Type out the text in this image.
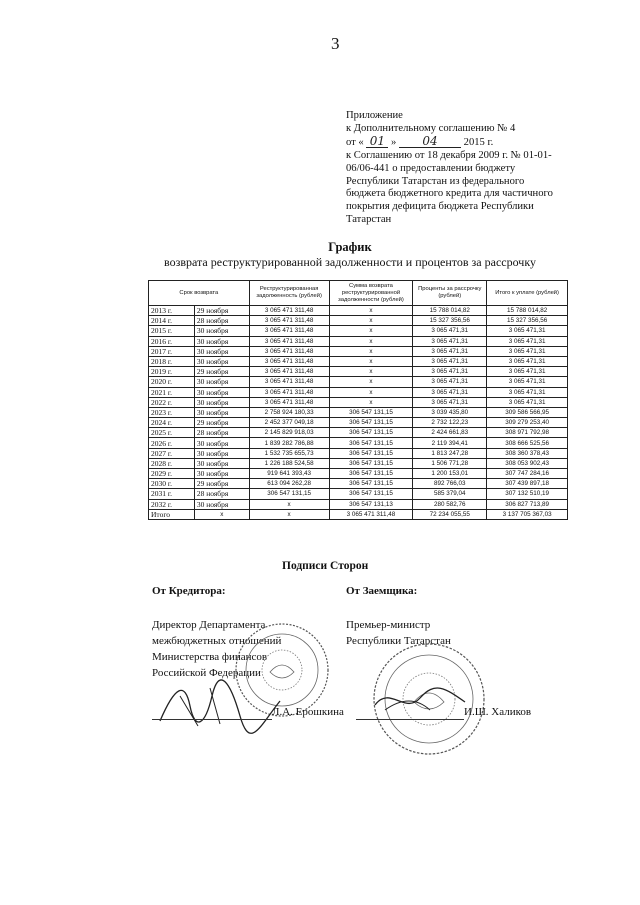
3
Приложение
к Дополнительному соглашению № 4
от « 01 » 04 2015 г.
к Соглашению от 18 декабря 2009 г. № 01-01-
06/06-441 о предоставлении бюджету
Республики Татарстан из федерального
бюджета бюджетного кредита для частичного
покрытия дефицита бюджета Республики
Татарстан
График
возврата реструктурированной задолженности и процентов за рассрочку
Срок возврата		Реструктурированная задолженность (рублей)	Сумма возврата реструктурированной задолженности (рублей)	Проценты за рассрочку (рублей)	Итого к уплате (рублей)
2013 г.	29 ноября	3 065 471 311,48	х	15 788 014,82	15 788 014,82
2014 г.	28 ноября	3 065 471 311,48	х	15 327 356,56	15 327 356,56
2015 г.	30 ноября	3 065 471 311,48	х	3 065 471,31	3 065 471,31
2016 г.	30 ноября	3 065 471 311,48	х	3 065 471,31	3 065 471,31
2017 г.	30 ноября	3 065 471 311,48	х	3 065 471,31	3 065 471,31
2018 г.	30 ноября	3 065 471 311,48	х	3 065 471,31	3 065 471,31
2019 г.	29 ноября	3 065 471 311,48	х	3 065 471,31	3 065 471,31
2020 г.	30 ноября	3 065 471 311,48	х	3 065 471,31	3 065 471,31
2021 г.	30 ноября	3 065 471 311,48	х	3 065 471,31	3 065 471,31
2022 г.	30 ноября	3 065 471 311,48	х	3 065 471,31	3 065 471,31
2023 г.	30 ноября	2 758 924 180,33	306 547 131,15	3 039 435,80	309 586 566,95
2024 г.	29 ноября	2 452 377 049,18	306 547 131,15	2 732 122,23	309 279 253,40
2025 г.	28 ноября	2 145 829 918,03	306 547 131,15	2 424 661,83	308 971 792,98
2026 г.	30 ноября	1 839 282 786,88	306 547 131,15	2 119 394,41	308 666 525,56
2027 г.	30 ноября	1 532 735 655,73	306 547 131,15	1 813 247,28	308 360 378,43
2028 г.	30 ноября	1 226 188 524,58	306 547 131,15	1 506 771,28	308 053 902,43
2029 г.	30 ноября	919 641 393,43	306 547 131,15	1 200 153,01	307 747 284,16
2030 г.	29 ноября	613 094 262,28	306 547 131,15	892 766,03	307 439 897,18
2031 г.	28 ноября	306 547 131,15	306 547 131,15	585 379,04	307 132 510,19
2032 г.	30 ноября	х	306 547 131,13	280 582,76	306 827 713,89
Итого	х	х	3 065 471 311,48	72 234 055,55	3 137 705 367,03
Подписи Сторон
От Кредитора:
Директор Департамента
межбюджетных отношений
Министерства финансов
Российской Федерации
От Заемщика:
Премьер-министр
Республики Татарстан
Л.А. Ерошкина	И.Ш. Халиков
